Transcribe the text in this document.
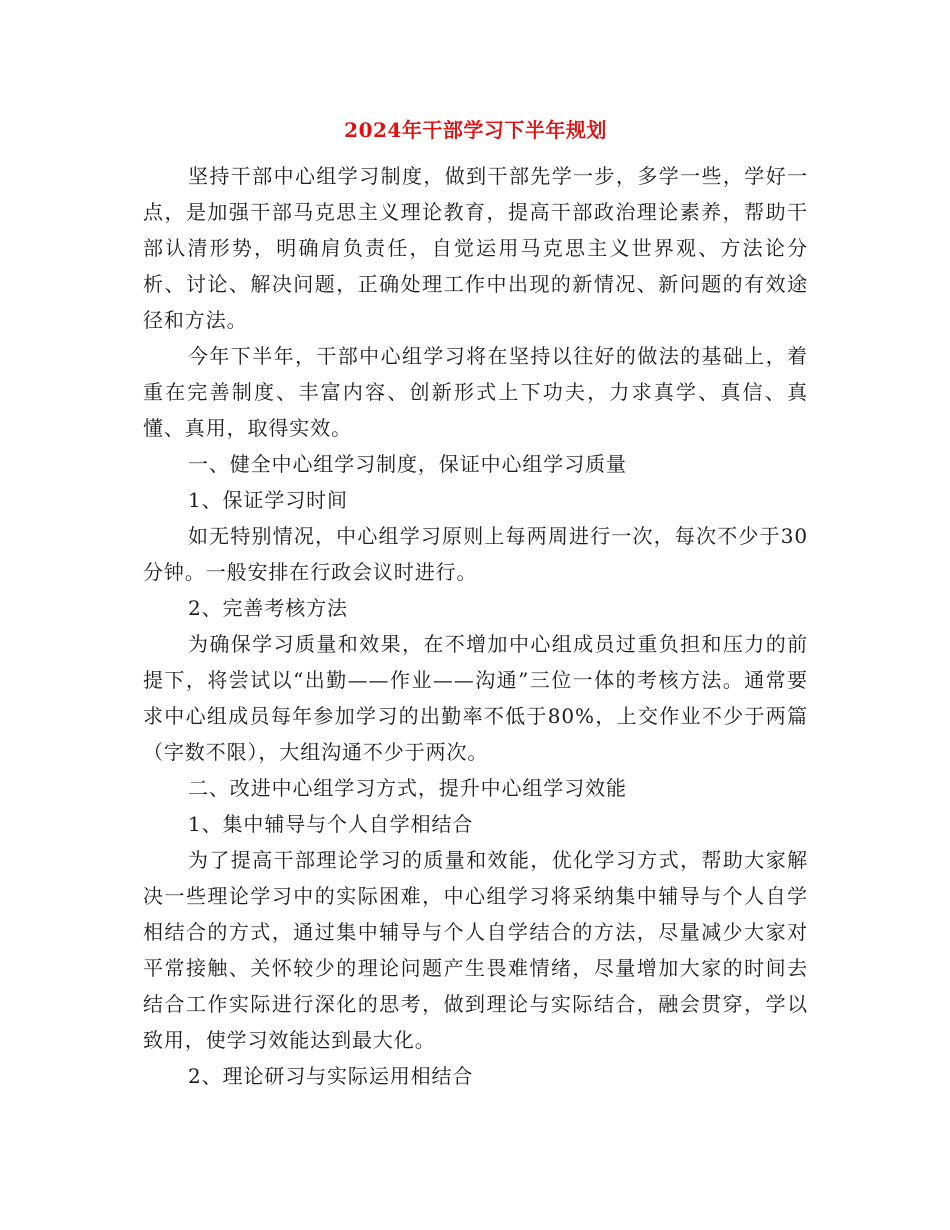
2024年干部学习下半年规划

坚持干部中心组学习制度，做到干部先学一步，多学一些，学好一点，是加强干部马克思主义理论教育，提高干部政治理论素养，帮助干部认清形势，明确肩负责任，自觉运用马克思主义世界观、方法论分析、讨论、解决问题，正确处理工作中出现的新情况、新问题的有效途径和方法。

今年下半年，干部中心组学习将在坚持以往好的做法的基础上，着重在完善制度、丰富内容、创新形式上下功夫，力求真学、真信、真懂、真用，取得实效。

一、健全中心组学习制度，保证中心组学习质量

1、保证学习时间

如无特别情况，中心组学习原则上每两周进行一次，每次不少于30分钟。一般安排在行政会议时进行。

2、完善考核方法

为确保学习质量和效果，在不增加中心组成员过重负担和压力的前提下，将尝试以“出勤——作业——沟通”三位一体的考核方法。通常要求中心组成员每年参加学习的出勤率不低于80%，上交作业不少于两篇（字数不限），大组沟通不少于两次。

二、改进中心组学习方式，提升中心组学习效能

1、集中辅导与个人自学相结合

为了提高干部理论学习的质量和效能，优化学习方式，帮助大家解决一些理论学习中的实际困难，中心组学习将采纳集中辅导与个人自学相结合的方式，通过集中辅导与个人自学结合的方法，尽量减少大家对平常接触、关怀较少的理论问题产生畏难情绪，尽量增加大家的时间去结合工作实际进行深化的思考，做到理论与实际结合，融会贯穿，学以致用，使学习效能达到最大化。

2、理论研习与实际运用相结合
